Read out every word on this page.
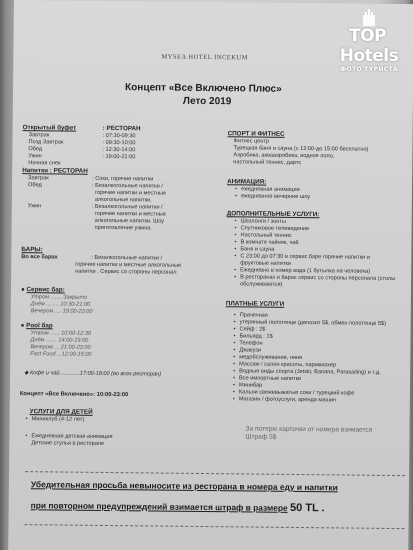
MYSEA HOTEL INCEKUM
Концепт «Все Включено Плюс»
Лето 2019
Открытый буфет	: РЕСТОРАН
Завтрак	: 07:30-09:30
Позд Завтрак	: 09:30-10:00
Обед	: 12:30-14:00
Ужин	: 19:00-21:00
Ночная снек
Напитки : РЕСТОРАН
Завтрак	: Соки, горячие напитки
Обед	: Безалкогольные напитки /
горячие напитки и местные
алкогольные напитки.
Ужин	: Безалкогольные напитки /
горячие напитки и местные
алкогольные напитки. Шоу
приготовление ужина.
БАРЫ:
Во все барах	: Безалкогольные напитки /
горячие напитки и местные алкогольные
напитки . Сервис со стороны персонал
● Сервис бар:
Утром ....... Закрыто
Днём ........ 10:30-21:00
Вечером .... 19:00-23:00
● Pool бар
Утром ...... 10:00-12:30
Днём ....... 14:00-19:00
Вечером ... 21:00-23:00
Fast Food ...12:00-15:00
◆ Кофе и чай.............17:00-18:00 (во всех ресторан)
Концепт «Все Включено»: 10:00-23:00
УСЛУГИ ДЛЯ ДЕТЕЙ
• Миниклуб (4-12 лет)
• Ежедневная детская анимация
Детские стулья в ресторане
СПОРТ И ФИТНЕС
Фитнес центр
Турецкая баня и сауна (с 12:00-до 15:00 бесплатно)
Аэробика, аквааэробика, водное поло,
настольный теннис, дартс
АНИМАЦИЯ:
• ежедневная анимация
• ежедневное вечерние шоу
ДОПОЛНИТЕЛЬНЫЕ УСЛУГИ:
• Шезлонги / зонты
• Спутниковое телевидение
• Настольный теннис
• В комнате чайник, чай
• Баня и сауна
• С 23:00 до 07:30 в сервис баре горячие напитки и
фруктовые напитки
• Ежедневно в номер вода (1 бутылка на человека)
• В ресторанах и барах сервис со стороны персонала (столы
обслуживаются)
ПЛАТНЫЕ УСЛУГИ
• Прачечная
• утерянный полотенце (депозит 5$, обмен полотенце 5$)
• Сейф : 2$
• Бильярд : 1$
• Телефон
• Джакузи
• медобслуживание, няня
• Массаж / салон красоты, парикмахер
• Водные виды спорта (Jetski, Banana, Parasailing) и т.д.
• Все импортные напитки
• Минибар
• Кальни свежевыжатые соки / турецкий кофе
• Магазин / фотоуслуги, аренда машин
За потерю карточки от номера взимается
Штраф 5$
Убедительная просьба невыносите из ресторана в номера еду и напитки
при повторном предупреждений взимается штраф в размере 50 TL .
TOP Hotels
ФОТО ТУРИСТА
